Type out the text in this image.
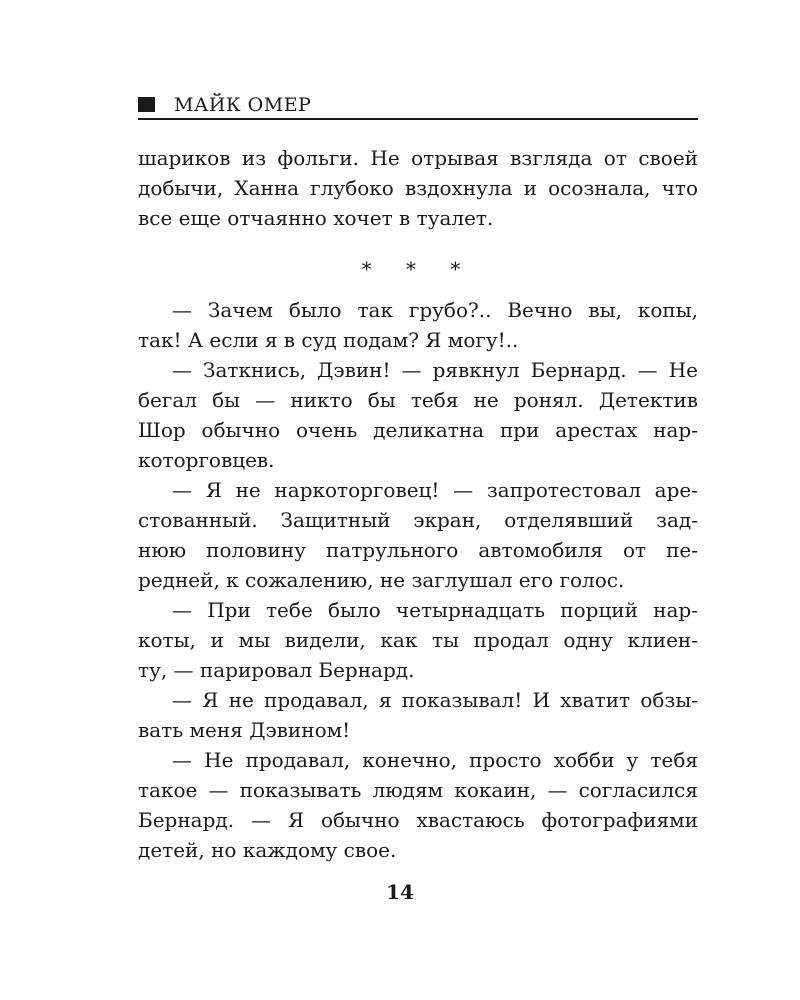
МАЙК ОМЕР
шариков из фольги. Не отрывая взгляда от своей
добычи, Ханна глубоко вздохнула и осознала, что
все еще отчаянно хочет в туалет.
* * *
— Зачем было так грубо?.. Вечно вы, копы,
так! А если я в суд подам? Я могу!..
— Заткнись, Дэвин! — рявкнул Бернард. — Не
бегал бы — никто бы тебя не ронял. Детектив
Шор обычно очень деликатна при арестах нар-
которговцев.
— Я не наркоторговец! — запротестовал аре-
стованный. Защитный экран, отделявший зад-
нюю половину патрульного автомобиля от пе-
редней, к сожалению, не заглушал его голос.
— При тебе было четырнадцать порций нар-
коты, и мы видели, как ты продал одну клиен-
ту, — парировал Бернард.
— Я не продавал, я показывал! И хватит обзы-
вать меня Дэвином!
— Не продавал, конечно, просто хобби у тебя
такое — показывать людям кокаин, — согласился
Бернард. — Я обычно хвастаюсь фотографиями
детей, но каждому свое.
14
